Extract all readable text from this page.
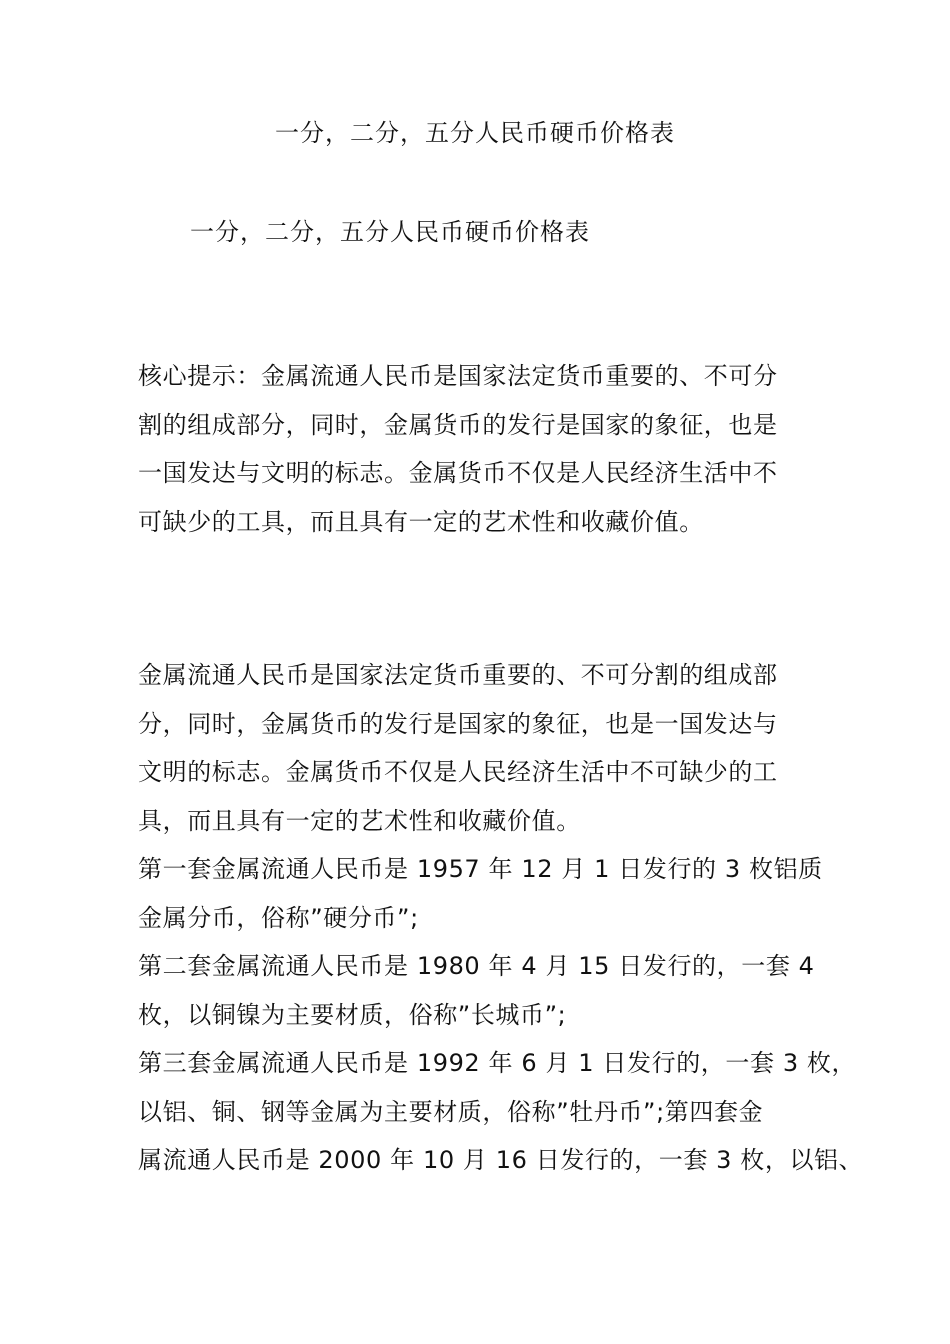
一分，二分，五分人民币硬币价格表
一分，二分，五分人民币硬币价格表
核心提示：金属流通人民币是国家法定货币重要的、不可分
割的组成部分，同时，金属货币的发行是国家的象征，也是
一国发达与文明的标志。金属货币不仅是人民经济生活中不
可缺少的工具，而且具有一定的艺术性和收藏价值。
金属流通人民币是国家法定货币重要的、不可分割的组成部
分，同时，金属货币的发行是国家的象征，也是一国发达与
文明的标志。金属货币不仅是人民经济生活中不可缺少的工
具，而且具有一定的艺术性和收藏价值。
第一套金属流通人民币是 1957 年 12 月 1 日发行的 3 枚铝质
金属分币，俗称”硬分币”;
第二套金属流通人民币是 1980 年 4 月 15 日发行的，一套 4
枚，以铜镍为主要材质，俗称”长城币”;
第三套金属流通人民币是 1992 年 6 月 1 日发行的，一套 3 枚，
以铝、铜、钢等金属为主要材质，俗称”牡丹币”;第四套金
属流通人民币是 2000 年 10 月 16 日发行的，一套 3 枚，以铝、
